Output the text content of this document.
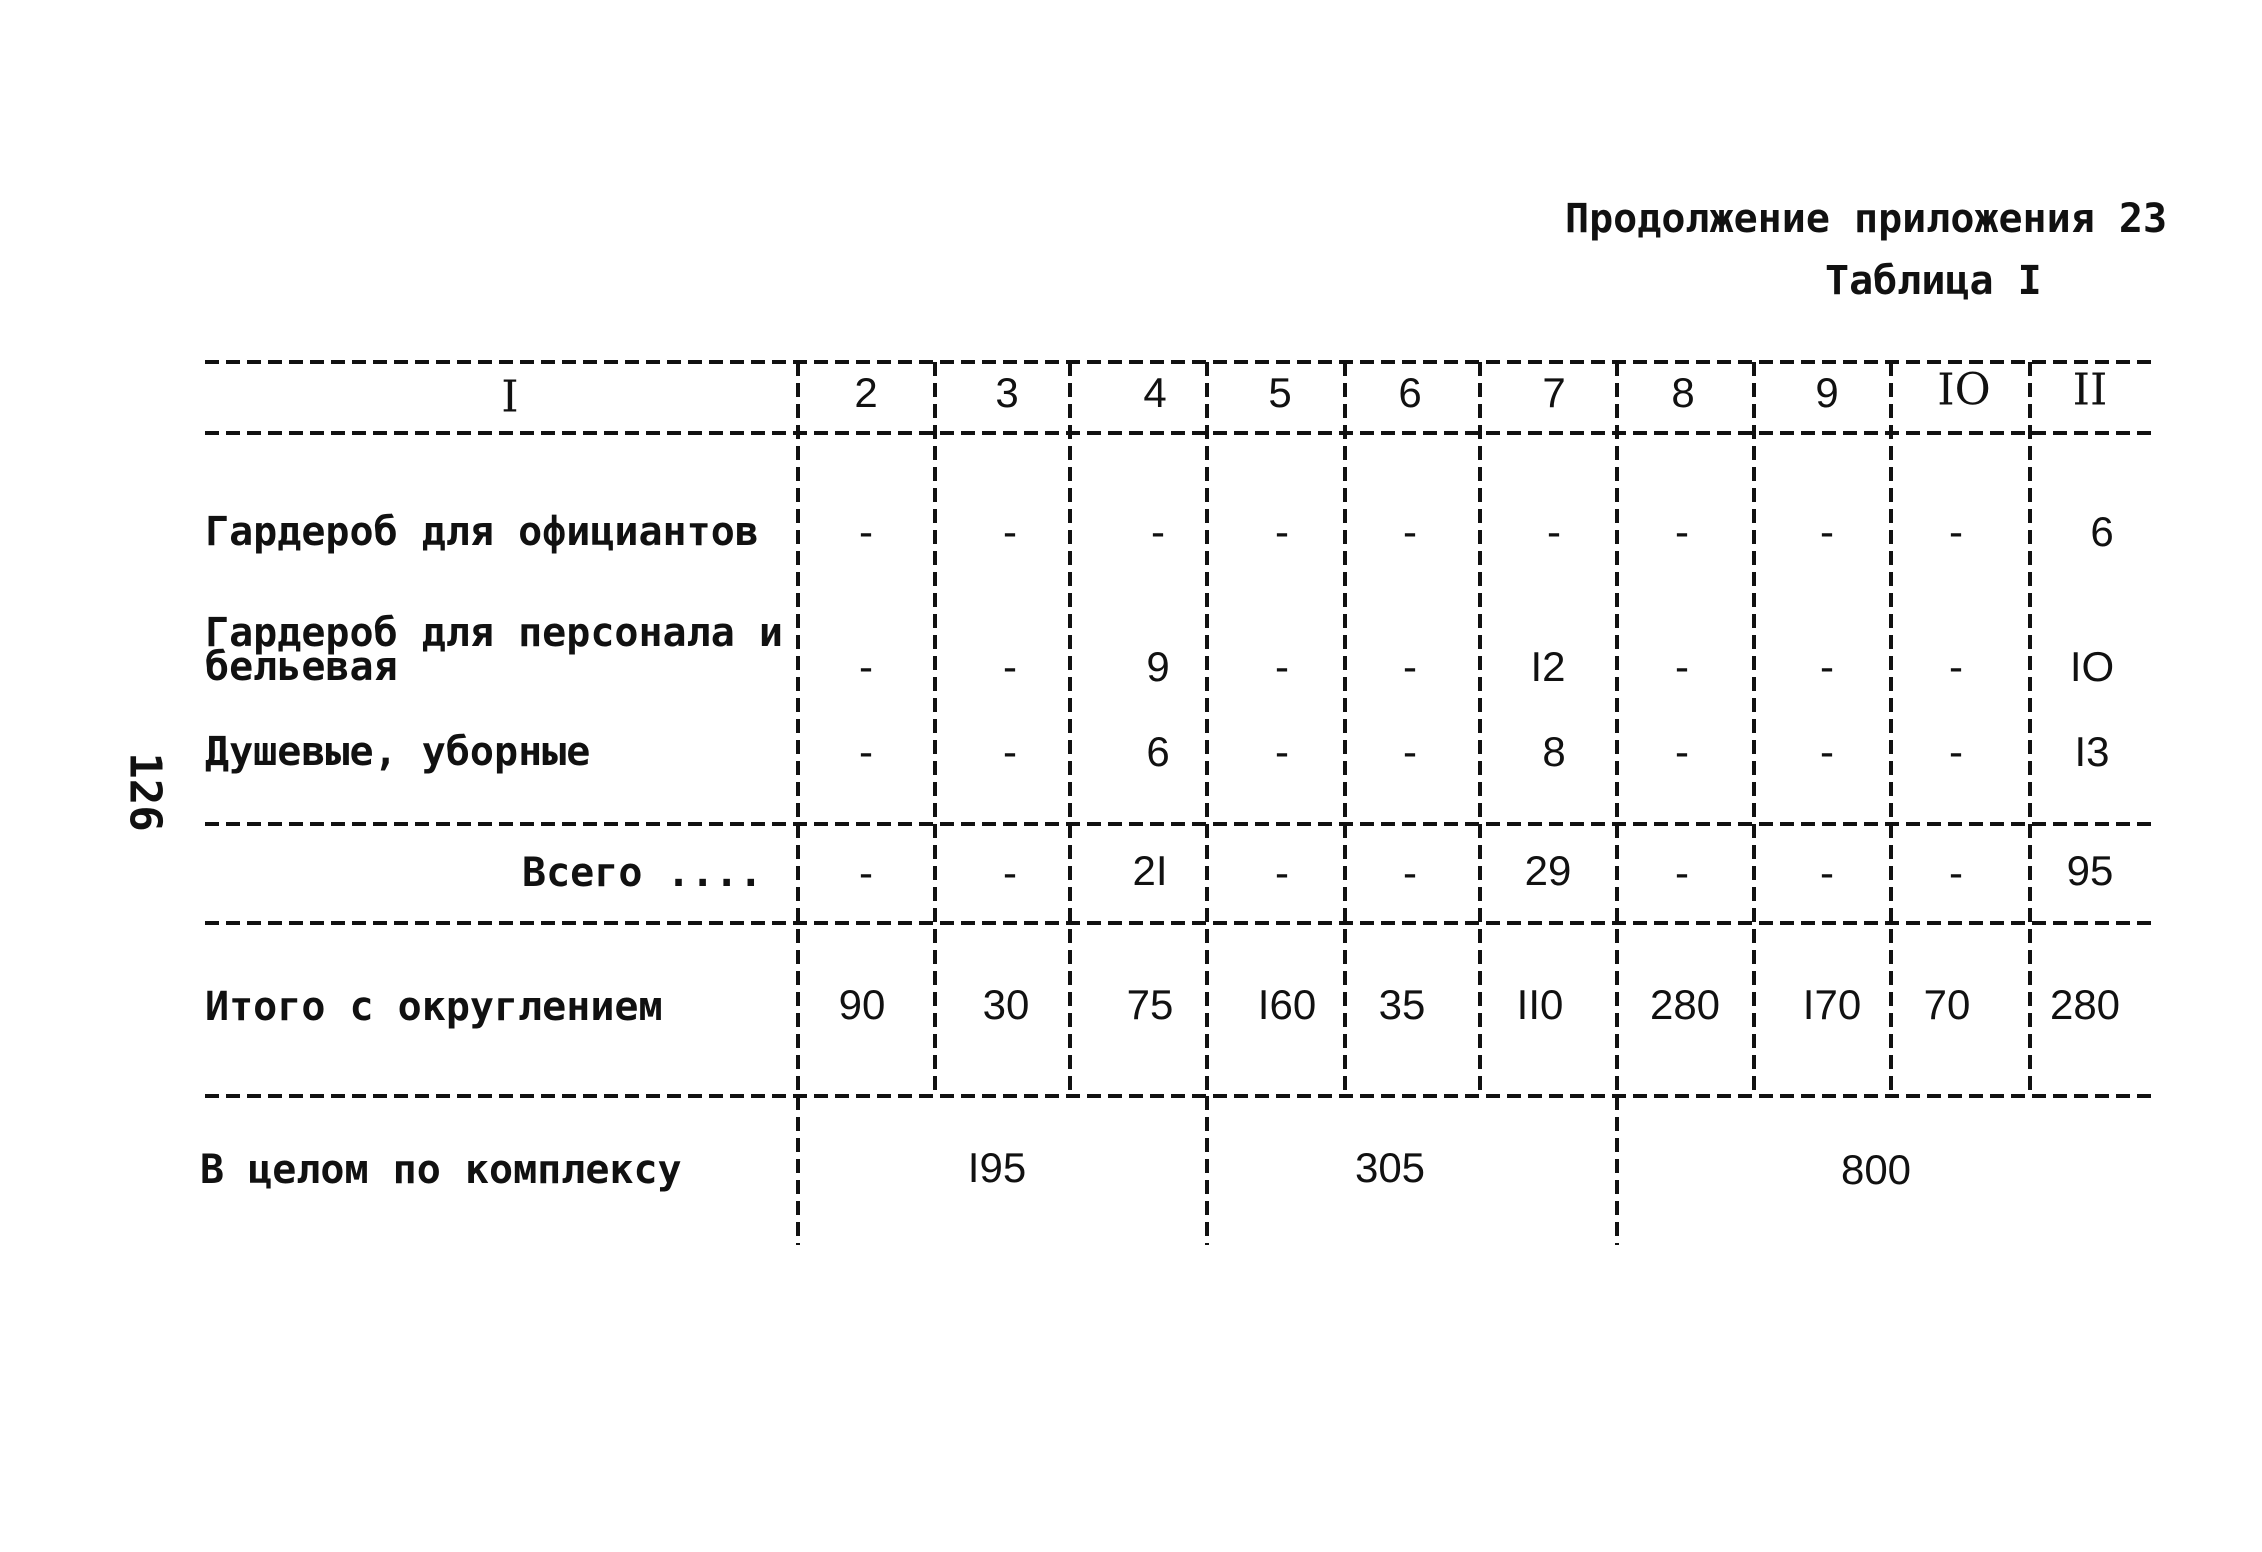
Продолжение приложения 23
Таблица I
126
I	2	3	4 5	6	7	8	9 IO II
Гардероб для официантов -	-	-	-	-	-	-	-	-	6
Гардероб для персонала и
бельевая	-	-	9	-	-	I2	-	-	-	IO
Душевые, уборные	-	-	6	-	-	8	-	-	-	I3
Всего .... -	-	2I	-	-	29 -	-	- 95
Итого с округлением	90 30 75 I60 35 II0 280 I70 70 280
В целом по комплексу	I95	305	800
